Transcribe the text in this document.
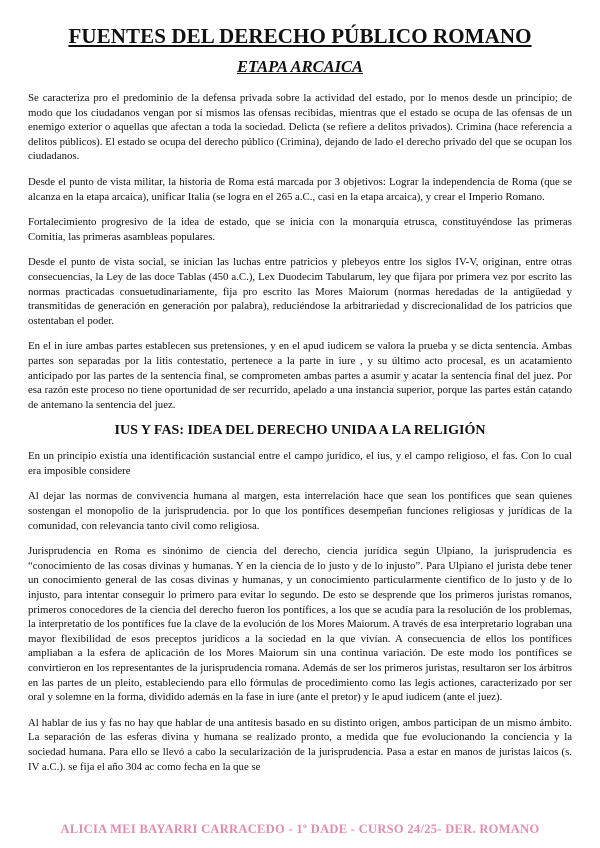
FUENTES DEL DERECHO PÚBLICO ROMANO
ETAPA ARCAICA

Se caracteriza pro el predominio de la defensa privada sobre la actividad del estado, por lo menos desde un principio; de modo que los ciudadanos vengan por sí mismos las ofensas recibidas, mientras que el estado se ocupa de las ofensas de un enemigo exterior o aquellas que afectan a toda la sociedad. Delicta (se refiere a delitos privados). Crimina (hace referencia a delitos públicos). El estado se ocupa del derecho público (Crimina), dejando de lado el derecho privado del que se ocupan los ciudadanos.

Desde el punto de vista militar, la historia de Roma está marcada por 3 objetivos: Lograr la independencia de Roma (que se alcanza en la etapa arcaica), unificar Italia (se logra en el 265 a.C., casi en la etapa arcaica), y crear el Imperio Romano.

Fortalecimiento progresivo de la idea de estado, que se inicia con la monarquía etrusca, constituyéndose las primeras Comitia, las primeras asambleas populares.

Desde el punto de vista social, se inician las luchas entre patricios y plebeyos entre los siglos IV-V, originan, entre otras consecuencias, la Ley de las doce Tablas (450 a.C.), Lex Duodecim Tabularum, ley que fijara por primera vez por escrito las normas practicadas consuetudinariamente, fija pro escrito las Mores Maiorum (normas heredadas de la antigüedad y transmitidas de generación en generación por palabra), reduciéndose la arbitrariedad y discrecionalidad de los patricios que ostentaban el poder.

En el in iure ambas partes establecen sus pretensiones, y en el apud iudicem se valora la prueba y se dicta sentencia. Ambas partes son separadas por la litis contestatio, pertenece a la parte in iure , y su último acto procesal, es un acatamiento anticipado por las partes de la sentencia final, se comprometen ambas partes a asumir y acatar la sentencia final del juez. Por esa razón este proceso no tiene oportunidad de ser recurrido, apelado a una instancia superior, porque las partes están catando de antemano la sentencia del juez.

IUS Y FAS: IDEA DEL DERECHO UNIDA A LA RELIGIÓN

En un principio existía una identificación sustancial entre el campo jurídico, el ius, y el campo religioso, el fas. Con lo cual era imposible considere

Al dejar las normas de convivencia humana al margen, esta interrelación hace que sean los pontífices que sean quienes sostengan el monopolio de la jurisprudencia. por lo que los pontífices desempeñan funciones religiosas y jurídicas de la comunidad, con relevancia tanto civil como religiosa.

Jurisprudencia en Roma es sinónimo de ciencia del derecho, ciencia jurídica según Ulpiano, la jurisprudencia es “conocimiento de las cosas divinas y humanas. Y en la ciencia de lo justo y de lo injusto”. Para Ulpiano el jurista debe tener un conocimiento general de las cosas divinas y humanas, y un conocimiento particularmente científico de lo justo y de lo injusto, para intentar conseguir lo primero para evitar lo segundo. De esto se desprende que los primeros juristas romanos, primeros conocedores de la ciencia del derecho fueron los pontífices, a los que se acudía para la resolución de los problemas, la interpretatio de los pontífices fue la clave de la evolución de los Mores Maiorum. A través de esa interpretario lograban una mayor flexibilidad de esos preceptos jurídicos a la sociedad en la que vivían. A consecuencia de ellos los pontífices ampliaban a la esfera de aplicación de los Mores Maiorum sin una continua variación. De este modo los pontífices se convirtieron en los representantes de la jurisprudencia romana. Además de ser los primeros juristas, resultaron ser los árbitros en las partes de un pleito, estableciendo para ello fórmulas de procedimiento como las legis actiones, caracterizado por ser oral y solemne en la forma, dividido además en la fase in iure (ante el pretor) y le apud iudicem (ante el juez).

Al hablar de ius y fas no hay que hablar de una antítesis basado en su distinto origen, ambos participan de un mismo ámbito. La separación de las esferas divina y humana se realizado pronto, a medida que fue evolucionando la conciencia y la sociedad humana. Para ello se llevó a cabo la secularización de la jurisprudencia. Pasa a estar en manos de juristas laicos (s. IV a.C.). se fija el año 304 ac como fecha en la que se

ALICIA MEI BAYARRI CARRACEDO - 1º DADE - CURSO 24/25- DER. ROMANO
